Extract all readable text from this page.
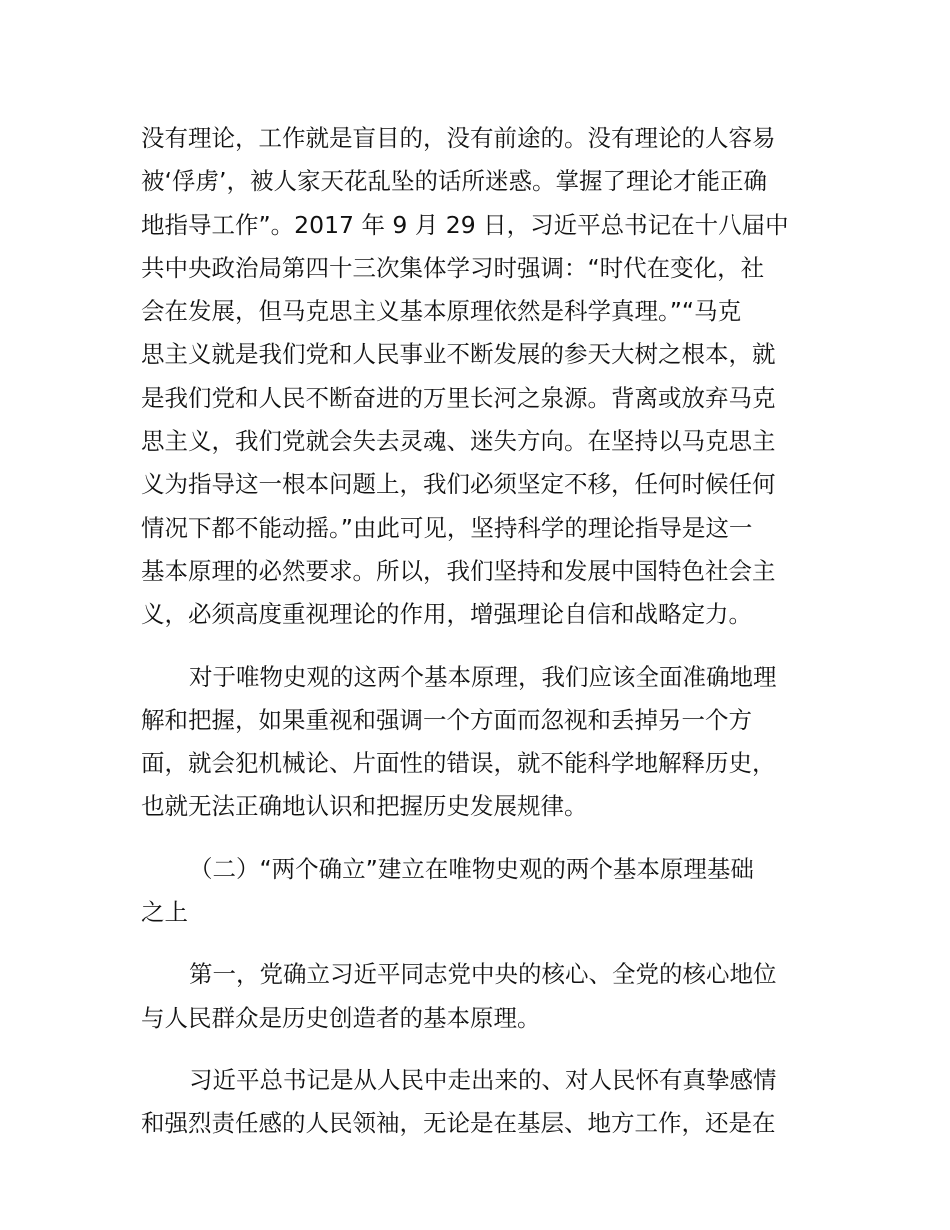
没有理论，工作就是盲目的，没有前途的。没有理论的人容易
被‘俘虏’，被人家天花乱坠的话所迷惑。掌握了理论才能正确
地指导工作”。2017 年 9 月 29 日，习近平总书记在十八届中
共中央政治局第四十三次集体学习时强调：“时代在变化，社
会在发展，但马克思主义基本原理依然是科学真理。”“马克
思主义就是我们党和人民事业不断发展的参天大树之根本，就
是我们党和人民不断奋进的万里长河之泉源。背离或放弃马克
思主义，我们党就会失去灵魂、迷失方向。在坚持以马克思主
义为指导这一根本问题上，我们必须坚定不移，任何时候任何
情况下都不能动摇。”由此可见，坚持科学的理论指导是这一
基本原理的必然要求。所以，我们坚持和发展中国特色社会主
义，必须高度重视理论的作用，增强理论自信和战略定力。
对于唯物史观的这两个基本原理，我们应该全面准确地理
解和把握，如果重视和强调一个方面而忽视和丢掉另一个方
面，就会犯机械论、片面性的错误，就不能科学地解释历史，
也就无法正确地认识和把握历史发展规律。
（二）“两个确立”建立在唯物史观的两个基本原理基础
之上
第一，党确立习近平同志党中央的核心、全党的核心地位
与人民群众是历史创造者的基本原理。
习近平总书记是从人民中走出来的、对人民怀有真挚感情
和强烈责任感的人民领袖，无论是在基层、地方工作，还是在
